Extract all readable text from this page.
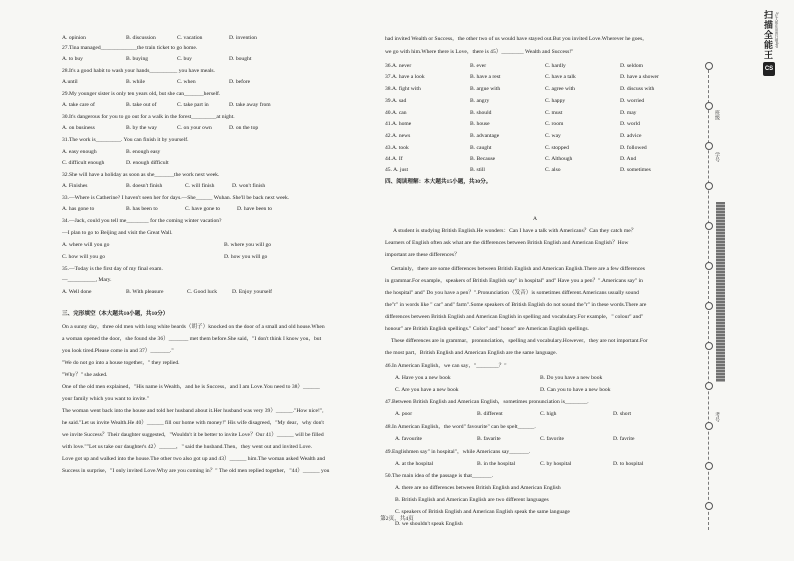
A. opinion	B. discussion	C. vacation	D. invention
27.Tina managed_____________the train ticket to go home.
A. to buy	B. buying	C. buy	D. bought
28.It's a good habit to wash your hands__________ you have meals.
A.until	B. while	C. when	D. before
29.My younger sister is only ten years old, but she can_______herself.
A. take care of	B. take out of	C. take part in	D. take away from
30.It's dangerous for you to go out for a walk in the forest_________at night.
A. on business	B. by the way	C. on your own	D. on the top
31.The work is_________. You can finish it by yourself.
A. easy enough	B. enough easy
C. difficult enough	D. enough difficult
32.She will have a holiday as soon as she_______the work next week.
A. Finishes	B. doesn't finish	C. will finish	D. won't finish
33.—Where is Catherine? I haven't seen her for days.—She______ Wuhan. She'll be back next week.
A. has gone to	B. has been to	C. have gone to	D. have been to
34.—Jack, could you tell me________ for the coming winter vacation?
—I plan to go to Beijing and visit the Great Wall.
A. where will you go	B. where you will go
C. how will you go	D. how you will go
35.—Today is the first day of my final exam.
—__________, Mary.
A. Well done	B. With pleasure	C. Good luck	D. Enjoy yourself
三、完形填空（本大题共10小题，共10分）
On a sunny day，three old men with long white beards（胡子）knocked on the door of a small and old house.When
a woman opened the door，she found she 36）_______ met them before.She said，"I don't think I know you，but
you look tired.Please come in and 37）_______."
"We do not go into a house together，" they replied.
"Why？" she asked.
One of the old men explained，"His name is Wealth，and he is Success，and I am Love.You need to 38）______
your family which you want to invite."
The woman went back into the house and told her husband about it.Her husband was very 39）______."How nice!",
he said."Let us invite Wealth.He 40）______ fill our home with money!" His wife disagreed，"My dear，why don't
we invite Success？Their daughter suggested，"Wouldn't it be better to invite Love？Our 41）______ will be filled
with love.""Let us take our daughter's 42）______，" said the husband.Then，they went out and invited Love.
Love got up and walked into the house.The other two also got up and 43）______ him.The woman asked Wealth and
Success in surprise，"I only invited Love.Why are you coming in？" The old men replied together，"44）______ you
had invited Wealth or Success，the other two of us would have stayed out.But you invited Love.Wherever he goes，
we go with him.Where there is Love，there is 45）________ Wealth and Success!"
36.A. never	B. ever	C. hardly	D. seldom
37.A. have a look	B. have a rest	C. have a talk	D. have a shower
38.A. fight with	B. argue with	C. agree with	D. discuss with
39.A. sad	B. angry	C. happy	D. worried
40.A. can	B. should	C. must	D. may
41.A. home	B. house	C. room	D. world
42.A. news	B. advantage	C. way	D. advice
43.A. took	B. caught	C. stopped	D. followed
44.A. If	B. Because	C. Although	D. And
45. A. just	B. still	C. also	D. sometimes
四、阅读理解：本大题共15小题，共30分。
A
A student is studying British English.He wonders：Can I have a talk with Americans？Can they catch me？
Learners of English often ask what are the differences between British English and American English？How
important are these differences？
Certainly，there are some differences between British English and American English.There are a few differences
in grammar.For example，speakers of British English say" in hospital" and" Have you a pen？".Americans say" in
the hospital" and" Do you have a pen？".Pronunciation（发音）is sometimes different.Americans usually sound
the"r" in words like " car" and" farm".Some speakers of British English do not sound the"r" in these words.There are
differences between British English and American English in spelling and vocabulary.For example，" colour" and"
honour" are British English spellings." Color" and" honor" are American English spellings.
These differences are in grammar，pronunciation，spelling and vocabulary.However，they are not important.For
the most part，British English and American English are the same language.
46.In American English，we can say，"________？"
A. Have you a new book	B. Do you have a new book
C. Are you have a new book	D. Can you to have a new book
47.Between British English and American English，sometimes pronunciation is________.
A. poor	B. different	C. high	D. short
48.In American English，the word" favourite" can be spelt______.
A. favourite	B. favarite	C. favorite	D. favrite
49.Englishmen say" in hospital"，while Americans say_______.
A. at the hospital	B. in the hospital	C. by hospital	D. to hospital
50.The main idea of the passage is that_______.
A. there are no differences between British English and American English
B. British English and American English are two different languages
C. speakers of British English and American English speak the same language
D. we shouldn't speak English
第2页，共4页
班级
学号
考号
扫描全能王 3亿人都在用的扫描App
CS
